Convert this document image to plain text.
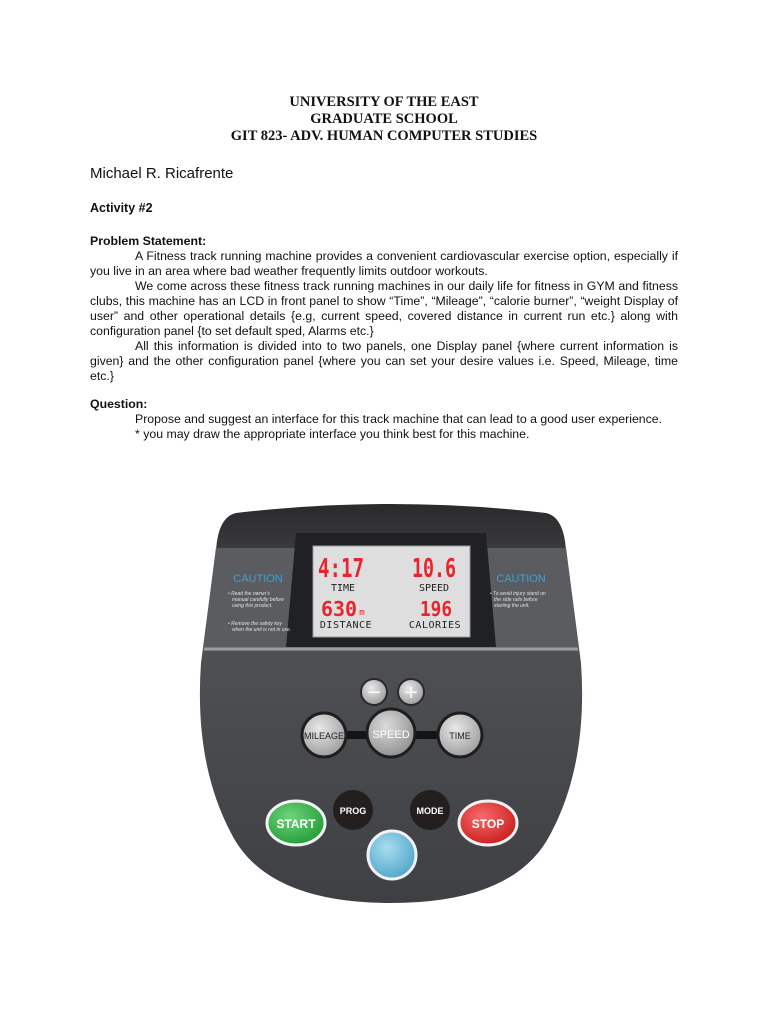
UNIVERSITY OF THE EAST
GRADUATE SCHOOL
GIT 823- ADV. HUMAN COMPUTER STUDIES
Michael R. Ricafrente
Activity #2
Problem Statement:

A Fitness track running machine provides a convenient cardiovascular exercise option, especially if you live in an area where bad weather frequently limits outdoor workouts.

We come across these fitness track running machines in our daily life for fitness in GYM and fitness clubs, this machine has an LCD in front panel to show “Time”, “Mileage”, “calorie burner”, “weight Display of user” and other operational details {e.g, current speed, covered distance in current run etc.} along with configuration panel {to set default sped, Alarms etc.}

All this information is divided into to two panels, one Display panel {where current information is given} and the other configuration panel {where you can set your desire values i.e. Speed, Mileage, time etc.}

Question:

Propose and suggest an interface for this track machine that can lead to a good user experience.

* you may draw the appropriate interface you think best for this machine.

4:17
TIME
10.6
SPEED
630 m
DISTANCE
196
CALORIES
CAUTION
• Read the owner's
manual carefully before
using this product.
• Remove the safety key
when the unit is not in use.
CAUTION
• To avoid injury stand on
the side rails before
starting the unit.
− +
MILEAGE	SPEED	TIME
PROG	MODE
START	STOP
